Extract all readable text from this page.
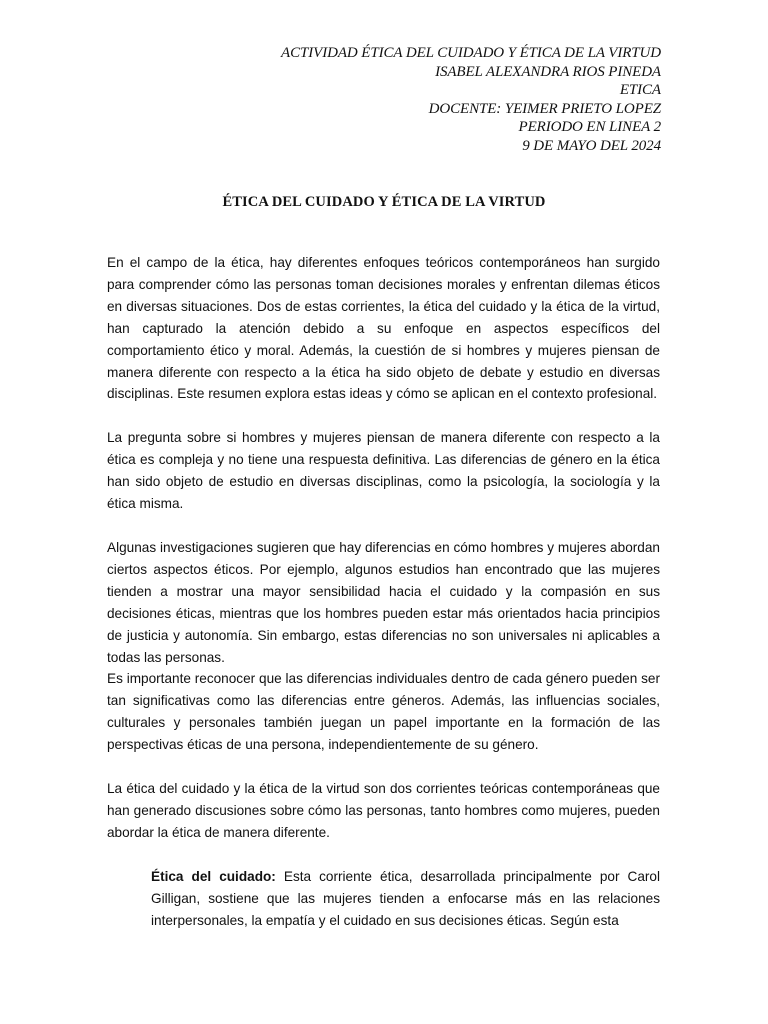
ACTIVIDAD ÉTICA DEL CUIDADO Y ÉTICA DE LA VIRTUD
ISABEL ALEXANDRA RIOS PINEDA
ETICA
DOCENTE: YEIMER PRIETO LOPEZ
PERIODO EN LINEA 2
9 DE MAYO DEL 2024
ÉTICA DEL CUIDADO Y ÉTICA DE LA VIRTUD

En el campo de la ética, hay diferentes enfoques teóricos contemporáneos han surgido para comprender cómo las personas toman decisiones morales y enfrentan dilemas éticos en diversas situaciones. Dos de estas corrientes, la ética del cuidado y la ética de la virtud, han capturado la atención debido a su enfoque en aspectos específicos del comportamiento ético y moral. Además, la cuestión de si hombres y mujeres piensan de manera diferente con respecto a la ética ha sido objeto de debate y estudio en diversas disciplinas. Este resumen explora estas ideas y cómo se aplican en el contexto profesional.

La pregunta sobre si hombres y mujeres piensan de manera diferente con respecto a la ética es compleja y no tiene una respuesta definitiva. Las diferencias de género en la ética han sido objeto de estudio en diversas disciplinas, como la psicología, la sociología y la ética misma.

Algunas investigaciones sugieren que hay diferencias en cómo hombres y mujeres abordan ciertos aspectos éticos. Por ejemplo, algunos estudios han encontrado que las mujeres tienden a mostrar una mayor sensibilidad hacia el cuidado y la compasión en sus decisiones éticas, mientras que los hombres pueden estar más orientados hacia principios de justicia y autonomía. Sin embargo, estas diferencias no son universales ni aplicables a todas las personas.

Es importante reconocer que las diferencias individuales dentro de cada género pueden ser tan significativas como las diferencias entre géneros. Además, las influencias sociales, culturales y personales también juegan un papel importante en la formación de las perspectivas éticas de una persona, independientemente de su género.

La ética del cuidado y la ética de la virtud son dos corrientes teóricas contemporáneas que han generado discusiones sobre cómo las personas, tanto hombres como mujeres, pueden abordar la ética de manera diferente.

Ética del cuidado: Esta corriente ética, desarrollada principalmente por Carol Gilligan, sostiene que las mujeres tienden a enfocarse más en las relaciones interpersonales, la empatía y el cuidado en sus decisiones éticas. Según esta
